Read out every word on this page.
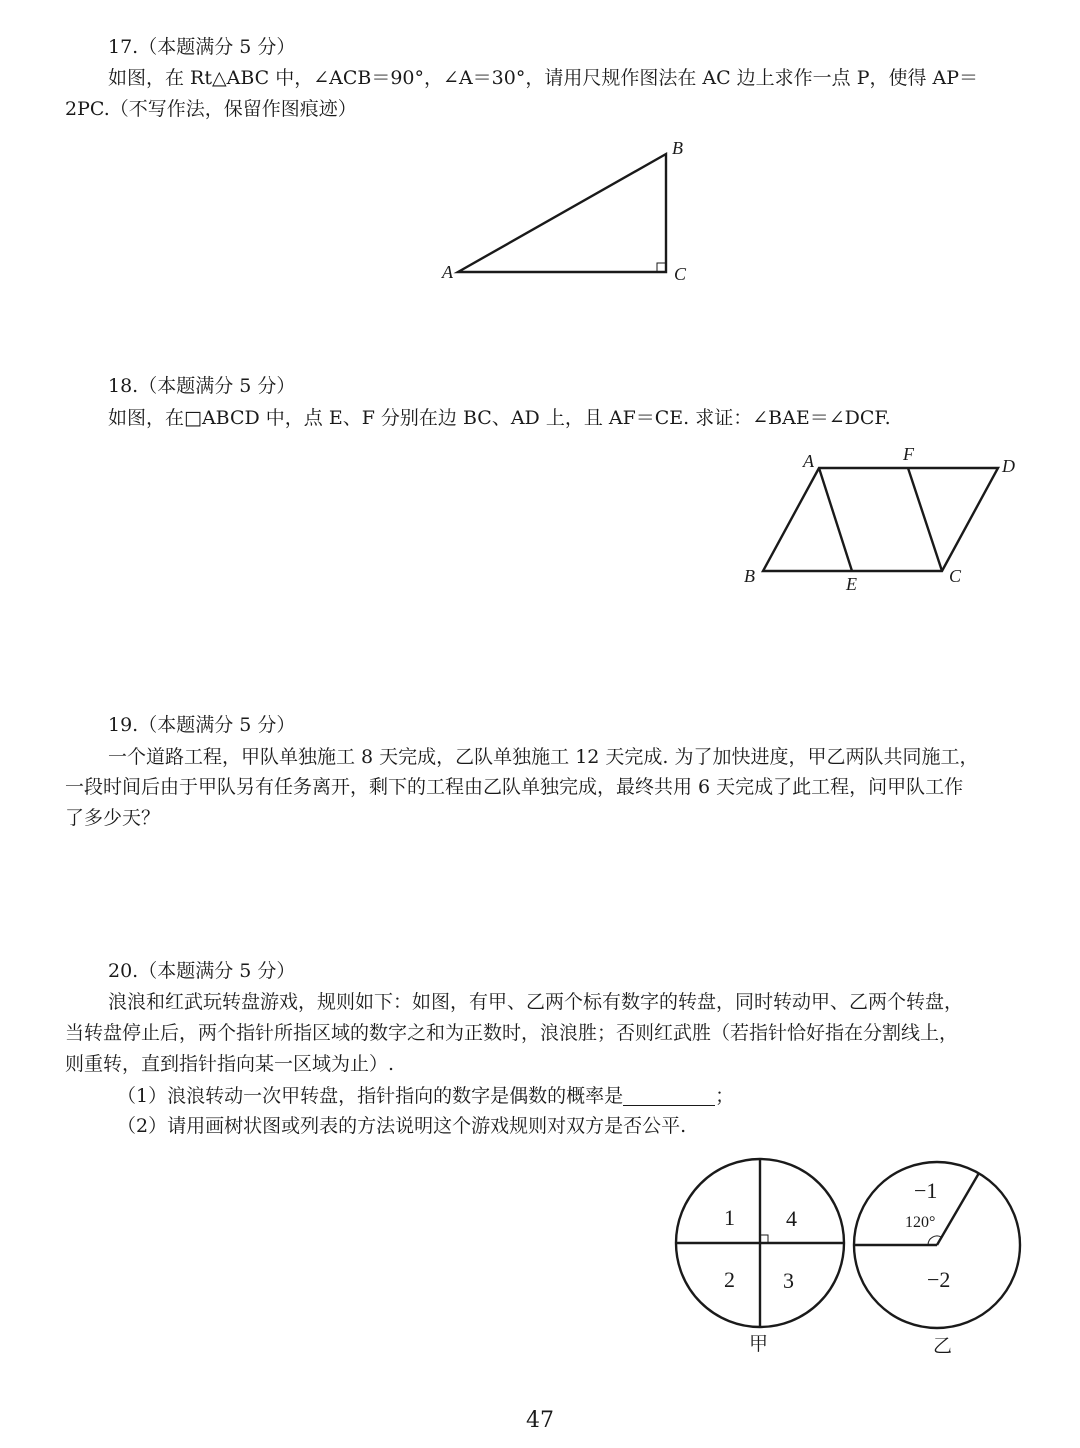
17.（本题满分 5 分）
如图，在 Rt△ABC 中，∠ACB＝90°，∠A＝30°，请用尺规作图法在 AC 边上求作一点 P，使得 AP＝
2PC.（不写作法，保留作图痕迹）
A
B
C
18.（本题满分 5 分）
如图，在□ABCD 中，点 E、F 分别在边 BC、AD 上，且 AF＝CE. 求证：∠BAE＝∠DCF.
A	F
D
B	E	C
19.（本题满分 5 分）
一个道路工程，甲队单独施工 8 天完成，乙队单独施工 12 天完成. 为了加快进度，甲乙两队共同施工，
一段时间后由于甲队另有任务离开，剩下的工程由乙队单独完成，最终共用 6 天完成了此工程，问甲队工作
了多少天？
20.（本题满分 5 分）
浪浪和红武玩转盘游戏，规则如下：如图，有甲、乙两个标有数字的转盘，同时转动甲、乙两个转盘，
当转盘停止后，两个指针所指区域的数字之和为正数时，浪浪胜；否则红武胜（若指针恰好指在分割线上，
则重转，直到指针指向某一区域为止）.
（1）浪浪转动一次甲转盘，指针指向的数字是偶数的概率是	；
（2）请用画树状图或列表的方法说明这个游戏规则对双方是否公平.
1 4
2 3
甲
120°
−1
−2
乙
47
